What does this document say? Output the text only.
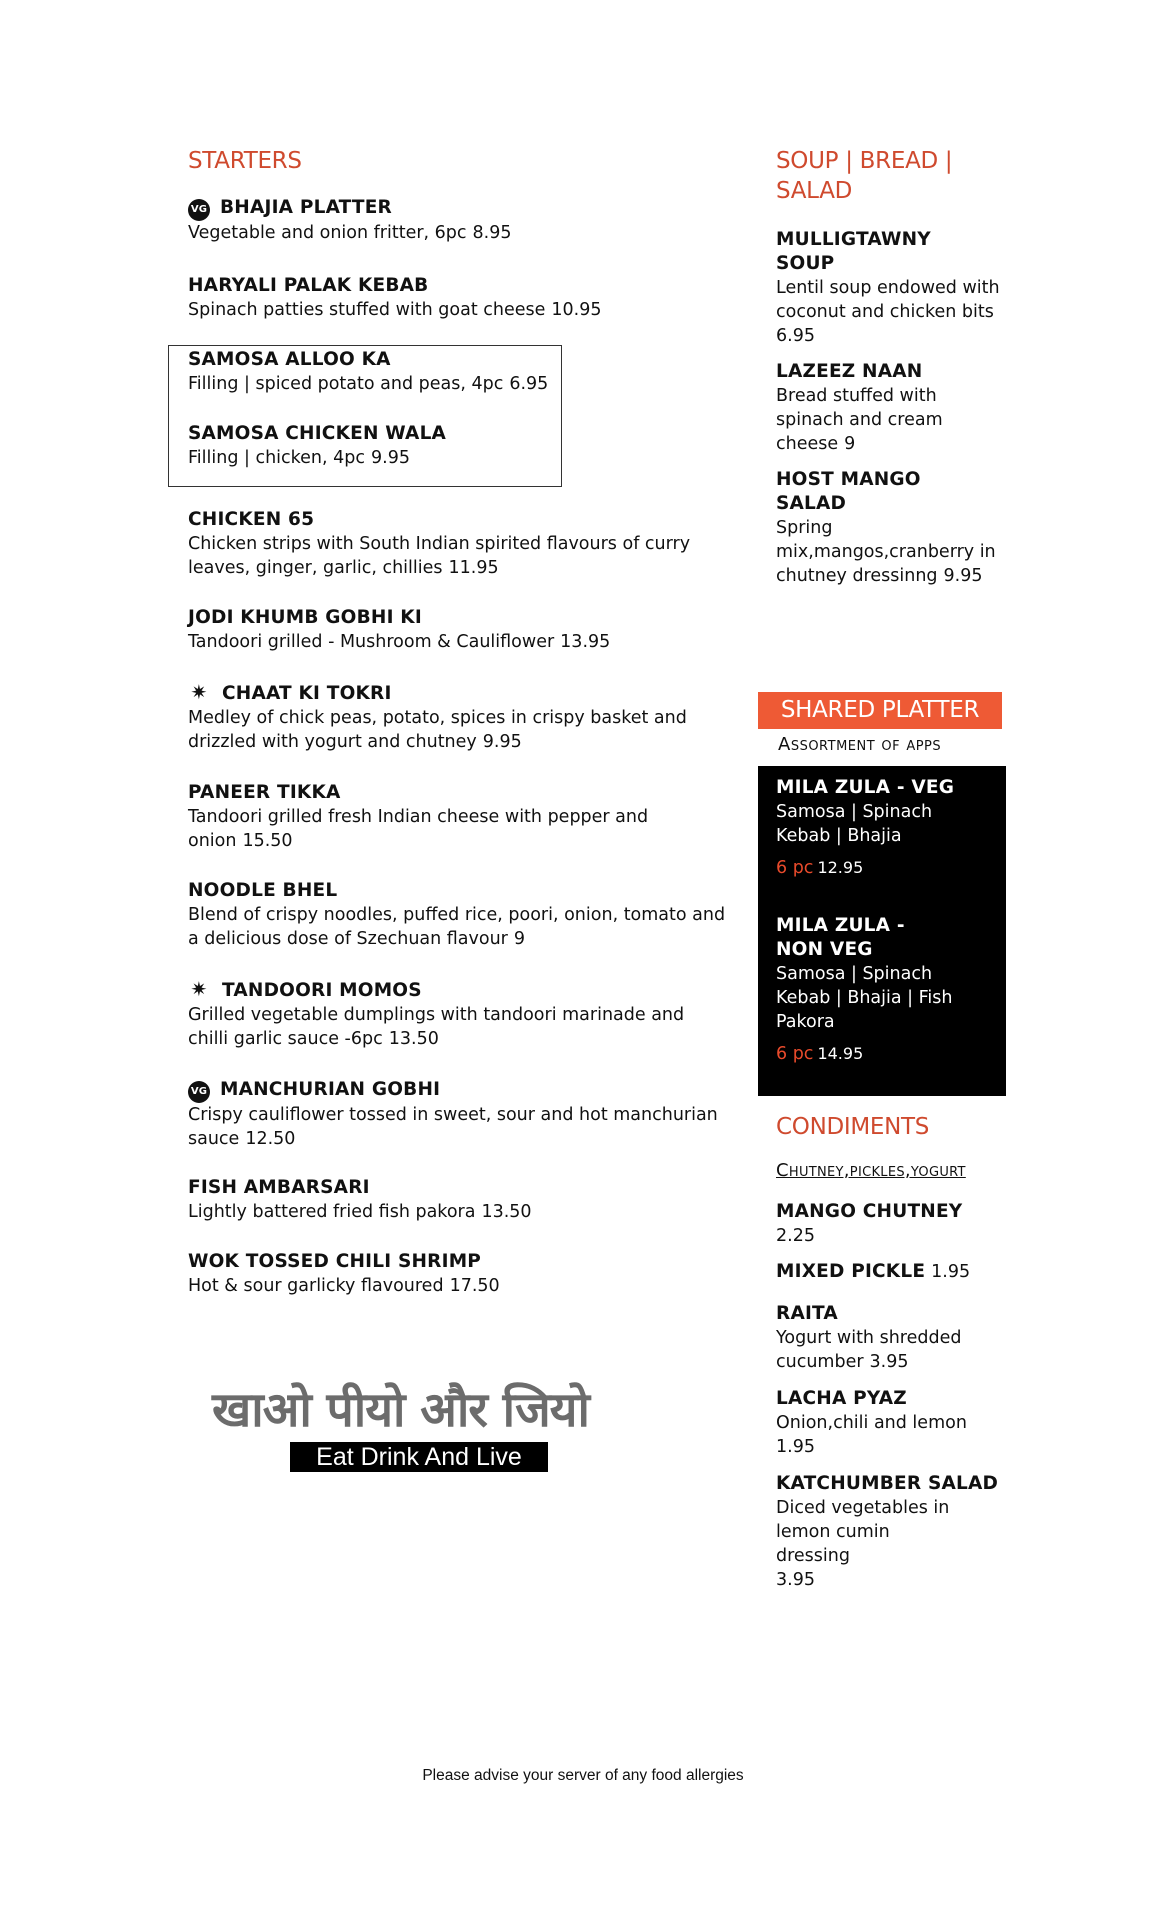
STARTERS
VG BHAJIA PLATTER
Vegetable and onion fritter, 6pc 8.95
HARYALI PALAK KEBAB
Spinach patties stuffed with goat cheese 10.95
SAMOSA ALLOO KA
Filling | spiced potato and peas, 4pc 6.95
SAMOSA CHICKEN WALA
Filling | chicken, 4pc 9.95
CHICKEN 65
Chicken strips with South Indian spirited flavours of curry leaves, ginger, garlic, chillies 11.95
JODI KHUMB GOBHI KI
Tandoori grilled - Mushroom & Cauliflower 13.95
✷ CHAAT KI TOKRI
Medley of chick peas, potato, spices in crispy basket and drizzled with yogurt and chutney 9.95
PANEER TIKKA
Tandoori grilled fresh Indian cheese with pepper and onion 15.50
NOODLE BHEL
Blend of crispy noodles, puffed rice, poori, onion, tomato and a delicious dose of Szechuan flavour 9
✷ TANDOORI MOMOS
Grilled vegetable dumplings with tandoori marinade and chilli garlic sauce -6pc 13.50
VG MANCHURIAN GOBHI
Crispy cauliflower tossed in sweet, sour and hot manchurian sauce 12.50
FISH AMBARSARI
Lightly battered fried fish pakora 13.50
WOK TOSSED CHILI SHRIMP
Hot & sour garlicky flavoured 17.50
SOUP | BREAD |
SALAD
MULLIGTAWNY
SOUP
Lentil soup endowed with coconut and chicken bits
6.95
LAZEEZ NAAN
Bread stuffed with spinach and cream cheese 9
HOST MANGO
SALAD
Spring mix,mangos,cranberry in chutney dressinng 9.95
SHARED PLATTER
Assortment of apps
MILA ZULA - VEG
Samosa | Spinach Kebab | Bhajia
6 pc 12.95
MILA ZULA -
NON VEG
Samosa | Spinach Kebab | Bhajia | Fish Pakora
6 pc 14.95
CONDIMENTS
Chutney,pickles,yogurt
MANGO CHUTNEY
2.25
MIXED PICKLE 1.95
RAITA
Yogurt with shredded cucumber 3.95
LACHA PYAZ
Onion,chili and lemon
1.95
KATCHUMBER SALAD
Diced vegetables in lemon cumin dressing
3.95
खाओ पीयो और जियो
Eat Drink And Live
Please advise your server of any food allergies
